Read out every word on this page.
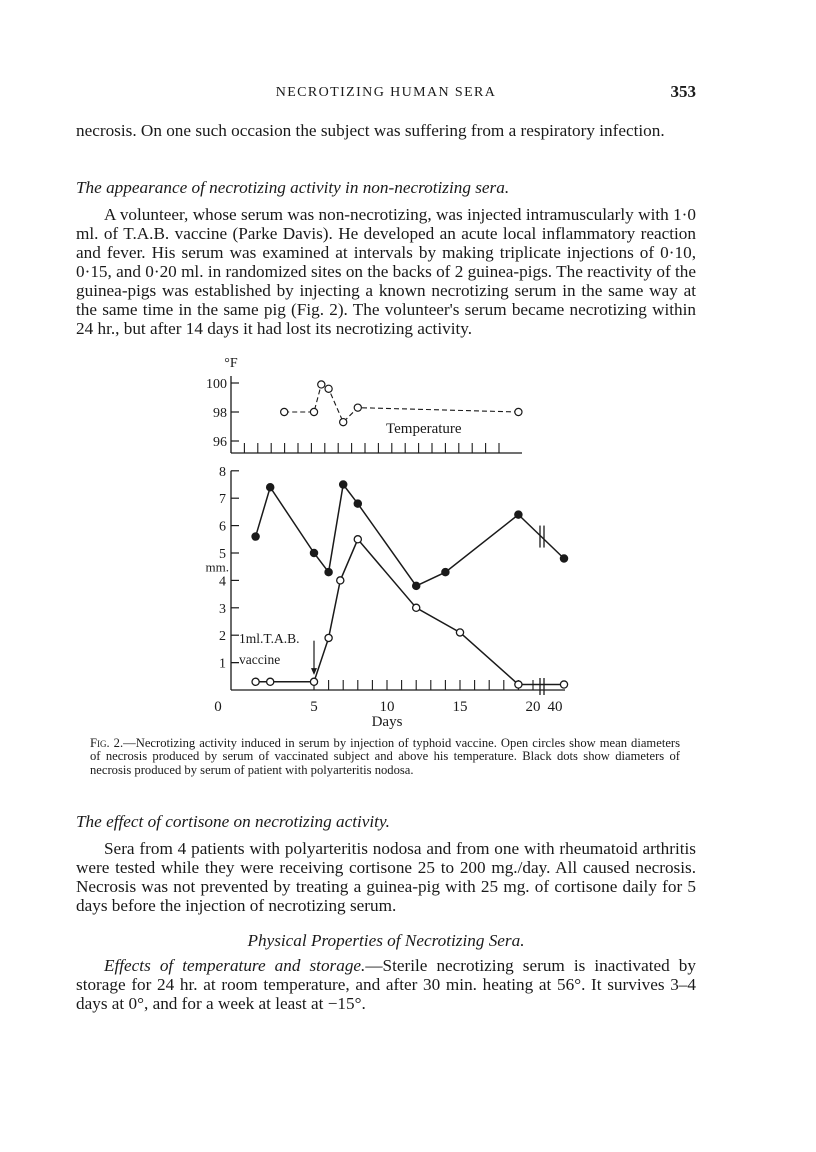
NECROTIZING HUMAN SERA	353

necrosis. On one such occasion the subject was suffering from a respiratory infection.

The appearance of necrotizing activity in non-necrotizing sera.

A volunteer, whose serum was non-necrotizing, was injected intramuscularly with 1·0 ml. of T.A.B. vaccine (Parke Davis). He developed an acute local inflammatory reaction and fever. His serum was examined at intervals by making triplicate injections of 0·10, 0·15, and 0·20 ml. in randomized sites on the backs of 2 guinea-pigs. The reactivity of the guinea-pigs was established by injecting a known necrotizing serum in the same way at the same time in the same pig (Fig. 2). The volunteer's serum became necrotizing within 24 hr., but after 14 days it had lost its necrotizing activity.

100
98
96
°F
Temperature
1
2
3
4
5
6
7
8
mm.
0	5	10	15	20 40
Days
1ml.T.A.B.
vaccine
Fig. 2.—Necrotizing activity induced in serum by injection of typhoid vaccine. Open circles show mean diameters of necrosis produced by serum of vaccinated subject and above his temperature. Black dots show diameters of necrosis produced by serum of patient with polyarteritis nodosa.

The effect of cortisone on necrotizing activity.

Sera from 4 patients with polyarteritis nodosa and from one with rheumatoid arthritis were tested while they were receiving cortisone 25 to 200 mg./day. All caused necrosis. Necrosis was not prevented by treating a guinea-pig with 25 mg. of cortisone daily for 5 days before the injection of necrotizing serum.

Physical Properties of Necrotizing Sera.

Effects of temperature and storage.—Sterile necrotizing serum is inactivated by storage for 24 hr. at room temperature, and after 30 min. heating at 56°. It survives 3–4 days at 0°, and for a week at least at −15°.
